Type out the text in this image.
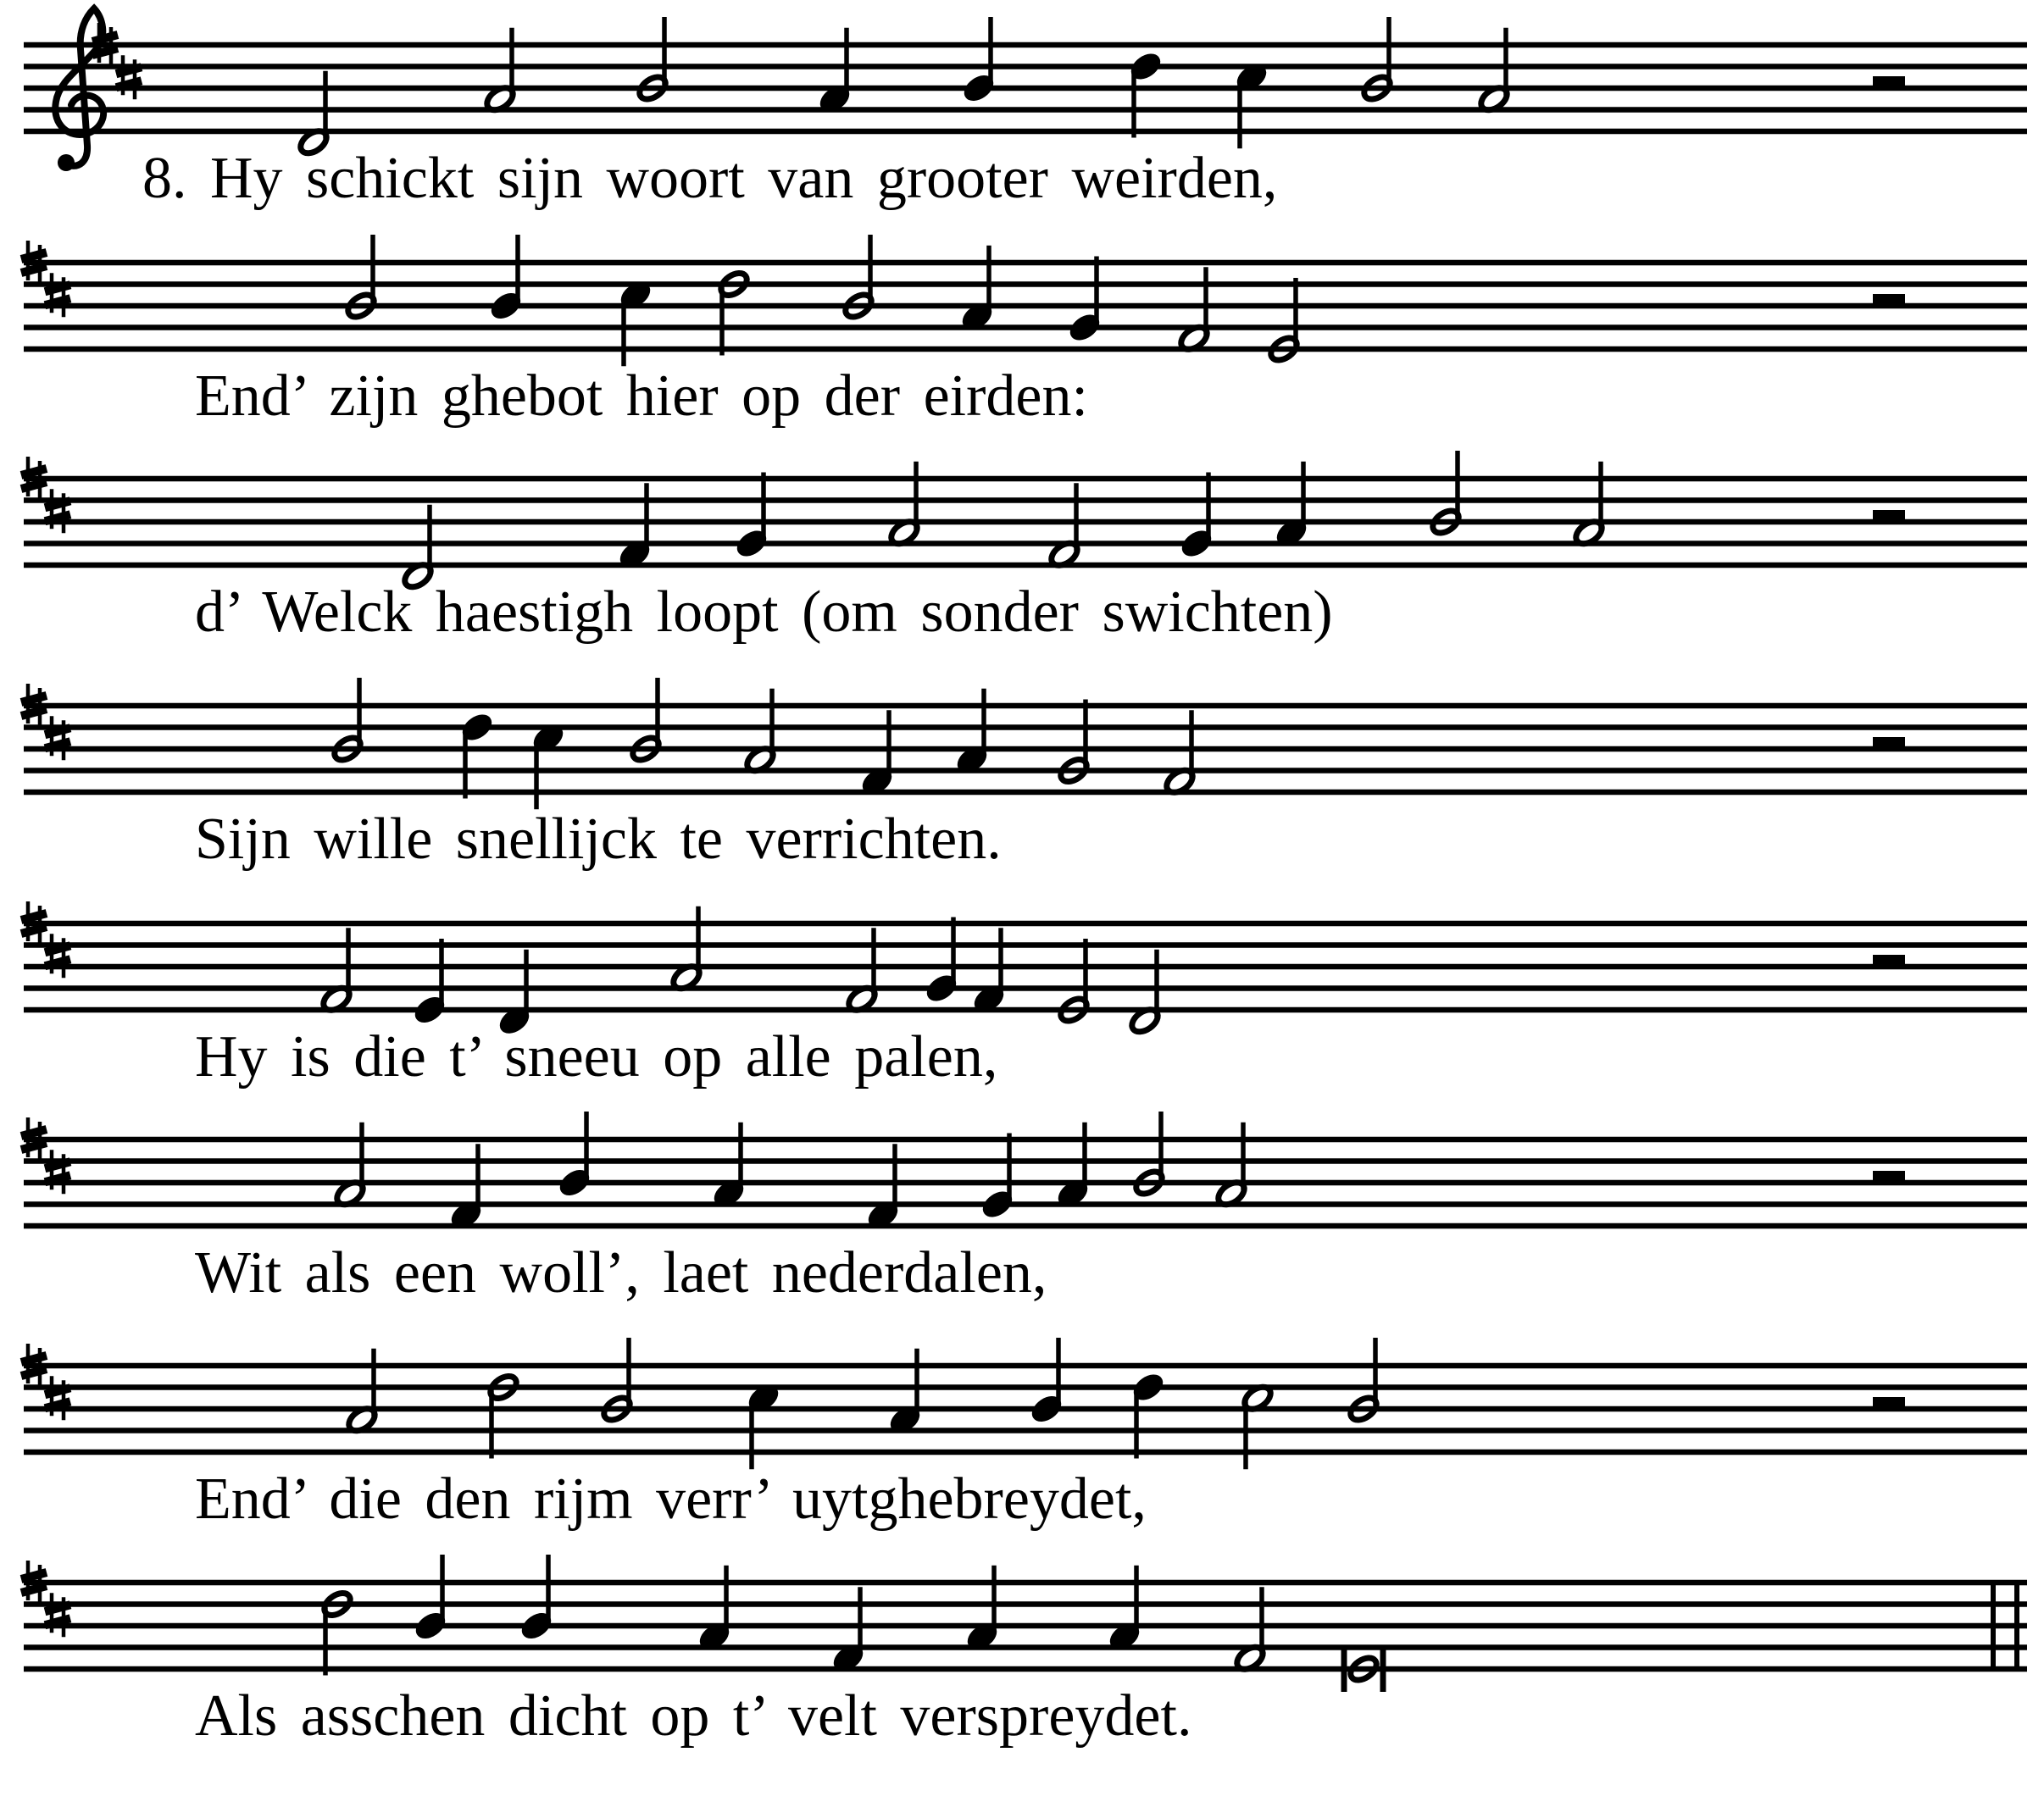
8. Hy schickt sijn woort van grooter weirden,
End’ zijn ghebot hier op der eirden:
d’ Welck haestigh loopt (om sonder swichten)
Sijn wille snellijck te verrichten.
Hy is die t’ sneeu op alle palen,
Wit als een woll’, laet nederdalen,
End’ die den rijm verr’ uytghebreydet,
Als asschen dicht op t’ velt verspreydet.
